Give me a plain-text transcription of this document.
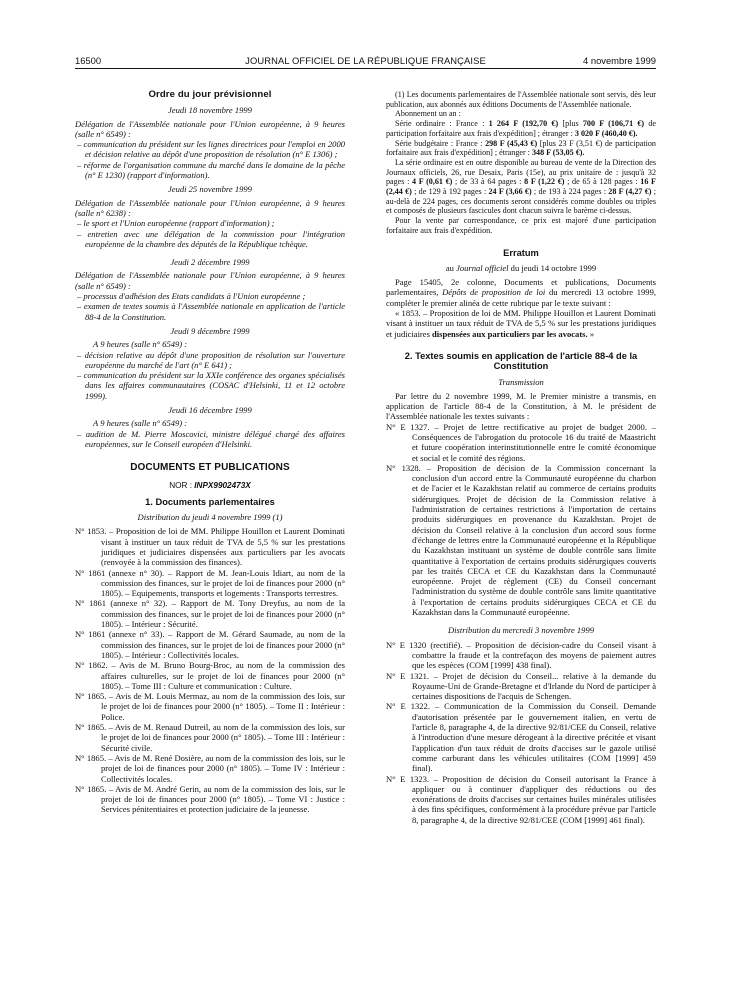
16500	JOURNAL OFFICIEL DE LA RÉPUBLIQUE FRANÇAISE	4 novembre 1999
Ordre du jour prévisionnel
Jeudi 18 novembre 1999

Délégation de l'Assemblée nationale pour l'Union européenne, à 9 heures (salle n° 6549) :

– communication du président sur les lignes directrices pour l'emploi en 2000 et décision relative au dépôt d'une proposition de résolution (n° E 1306) ;

– réforme de l'organisation commune du marché dans le domaine de la pêche (n° E 1230) (rapport d'information).

Jeudi 25 novembre 1999

Délégation de l'Assemblée nationale pour l'Union européenne, à 9 heures (salle n° 6238) :

– le sport et l'Union européenne (rapport d'information) ;

– entretien avec une délégation de la commission pour l'intégration européenne de la chambre des députés de la République tchèque.

Jeudi 2 décembre 1999

Délégation de l'Assemblée nationale pour l'Union européenne, à 9 heures (salle n° 6549) :

– processus d'adhésion des Etats candidats à l'Union européenne ;

– examen de textes soumis à l'Assemblée nationale en application de l'article 88-4 de la Constitution.

Jeudi 9 décembre 1999

A 9 heures (salle n° 6549) :

– décision relative au dépôt d'une proposition de résolution sur l'ouverture européenne du marché de l'art (n° E 641) ;

– communication du président sur la XXIe conférence des organes spécialisés dans les affaires communautaires (COSAC d'Helsinki, 11 et 12 octobre 1999).

Jeudi 16 décembre 1999

A 9 heures (salle n° 6549) :

– audition de M. Pierre Moscovici, ministre délégué chargé des affaires européennes, sur le Conseil européen d'Helsinki.

DOCUMENTS ET PUBLICATIONS
NOR : INPX9902473X
1. Documents parlementaires
Distribution du jeudi 4 novembre 1999 (1)

N° 1853. – Proposition de loi de MM. Philippe Houillon et Laurent Dominati visant à instituer un taux réduit de TVA de 5,5 % sur les prestations juridiques et judiciaires dispensées aux particuliers par les avocats (renvoyée à la commission des finances).

N° 1861 (annexe n° 30). – Rapport de M. Jean-Louis Idiart, au nom de la commission des finances, sur le projet de loi de finances pour 2000 (n° 1805). – Equipements, transports et logements : Transports terrestres.

N° 1861 (annexe n° 32). – Rapport de M. Tony Dreyfus, au nom de la commission des finances, sur le projet de loi de finances pour 2000 (n° 1805). – Intérieur : Sécurité.

N° 1861 (annexe n° 33). – Rapport de M. Gérard Saumade, au nom de la commission des finances, sur le projet de loi de finances pour 2000 (n° 1805). – Intérieur : Collectivités locales.

N° 1862. – Avis de M. Bruno Bourg-Broc, au nom de la commission des affaires culturelles, sur le projet de loi de finances pour 2000 (n° 1805). – Tome III : Culture et communication : Culture.

N° 1865. – Avis de M. Louis Mermaz, au nom de la commission des lois, sur le projet de loi de finances pour 2000 (n° 1805). – Tome II : Intérieur : Police.

N° 1865. – Avis de M. Renaud Dutreil, au nom de la commission des lois, sur le projet de loi de finances pour 2000 (n° 1805). – Tome III : Intérieur : Sécurité civile.

N° 1865. – Avis de M. René Dosière, au nom de la commission des lois, sur le projet de loi de finances pour 2000 (n° 1805). – Tome IV : Intérieur : Collectivités locales.

N° 1865. – Avis de M. André Gerin, au nom de la commission des lois, sur le projet de loi de finances pour 2000 (n° 1805). – Tome VI : Justice : Services pénitentiaires et protection judiciaire de la jeunesse.

(1) Les documents parlementaires de l'Assemblée nationale sont servis, dès leur publication, aux abonnés aux éditions Documents de l'Assemblée nationale.

Abonnement un an :

Série ordinaire : France : 1 264 F (192,70 €) [plus 700 F (106,71 €) de participation forfaitaire aux frais d'expédition] ; étranger : 3 020 F (460,40 €).

Série budgétaire : France : 298 F (45,43 €) [plus 23 F (3,51 €) de participation forfaitaire aux frais d'expédition] ; étranger : 348 F (53,05 €).

La série ordinaire est en outre disponible au bureau de vente de la Direction des Journaux officiels, 26, rue Desaix, Paris (15e), au prix unitaire de : jusqu'à 32 pages : 4 F (0,61 €) ; de 33 à 64 pages : 8 F (1,22 €) ; de 65 à 128 pages : 16 F (2,44 €) ; de 129 à 192 pages : 24 F (3,66 €) ; de 193 à 224 pages : 28 F (4,27 €) ; au-delà de 224 pages, ces documents seront considérés comme doubles ou triples et composés de plusieurs fascicules dont chacun suivra le barème ci-dessus.

Pour la vente par correspondance, ce prix est majoré d'une participation forfaitaire aux frais d'expédition.

Erratum

au Journal officiel du jeudi 14 octobre 1999

Page 15405, 2e colonne, Documents et publications, Documents parlementaires, Dépôts de proposition de loi du mercredi 13 octobre 1999, compléter le premier alinéa de cette rubrique par le texte suivant :

« 1853. – Proposition de loi de MM. Philippe Houillon et Laurent Dominati visant à instituer un taux réduit de TVA de 5,5 % sur les prestations juridiques et judiciaires dispensées aux particuliers par les avocats. »

2. Textes soumis en application de l'article 88-4 de la Constitution
Transmission

Par lettre du 2 novembre 1999, M. le Premier ministre a transmis, en application de l'article 88-4 de la Constitution, à M. le président de l'Assemblée nationale les textes suivants :

N° E 1327. – Projet de lettre rectificative au projet de budget 2000. – Conséquences de l'abrogation du protocole 16 du traité de Maastricht et future coopération interinstitutionnelle entre le comité économique et social et le comité des régions.

N° 1328. – Proposition de décision de la Commission concernant la conclusion d'un accord entre la Communauté européenne du charbon et de l'acier et le Kazakhstan relatif au commerce de certains produits sidérurgiques. Projet de décision de la Commission relative à l'administration de certaines restrictions à l'importation de certains produits sidérurgiques en provenance du Kazakhstan. Projet de décision du Conseil relative à la conclusion d'un accord sous forme d'échange de lettres entre la Communauté européenne et la République du Kazakhstan instituant un système de double contrôle sans limite quantitative à l'exportation de certains produits sidérurgiques couverts par les traités CECA et CE du Kazakhstan dans la Communauté européenne. Projet de règlement (CE) du Conseil concernant l'administration du système de double contrôle sans limite quantitative à l'exportation de certains produits sidérurgiques CECA et CE du Kazakhstan dans la Communauté européenne.

Distribution du mercredi 3 novembre 1999

N° E 1320 (rectifié). – Proposition de décision-cadre du Conseil visant à combattre la fraude et la contrefaçon des moyens de paiement autres que les espèces (COM [1999] 438 final).

N° E 1321. – Projet de décision du Conseil... relative à la demande du Royaume-Uni de Grande-Bretagne et d'Irlande du Nord de participer à certaines dispositions de l'acquis de Schengen.

N° E 1322. – Communication de la Commission du Conseil. Demande d'autorisation présentée par le gouvernement italien, en vertu de l'article 8, paragraphe 4, de la directive 92/81/CEE du Conseil, relative à l'introduction d'une mesure dérogeant à la directive précitée et visant l'application d'un taux réduit de droits d'accises sur le gazole utilisé comme carburant dans les véhicules utilitaires (COM [1999] 459 final).

N° E 1323. – Proposition de décision du Conseil autorisant la France à appliquer ou à continuer d'appliquer des réductions ou des exonérations de droits d'accises sur certaines huiles minérales utilisées à des fins spécifiques, conformément à la procédure prévue par l'article 8, paragraphe 4, de la directive 92/81/CEE (COM [1999] 461 final).
